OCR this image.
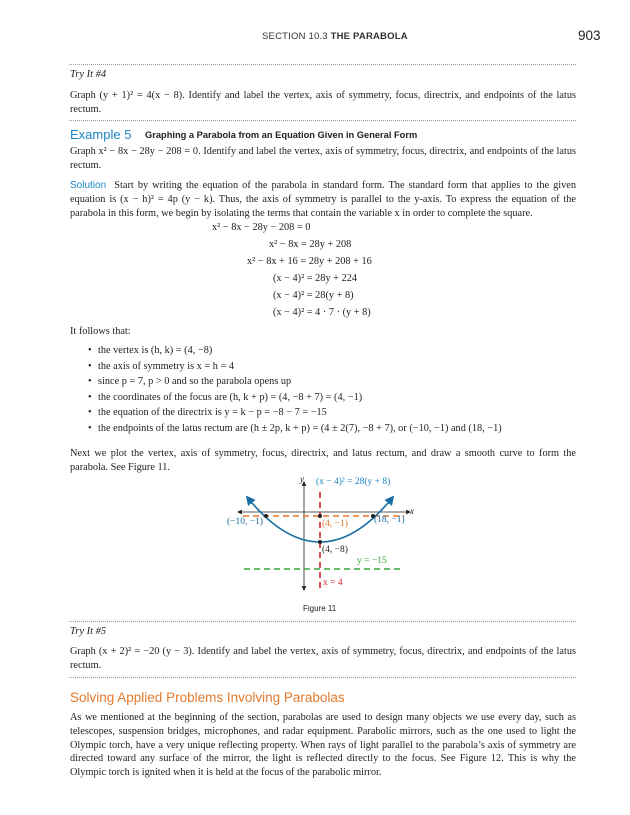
SECTION 10.3 THE PARABOLA	903
Try It #4
Graph (y + 1)² = 4(x − 8). Identify and label the vertex, axis of symmetry, focus, directrix, and endpoints of the latus rectum.
Example 5 Graphing a Parabola from an Equation Given in General Form
Graph x² − 8x − 28y − 208 = 0. Identify and label the vertex, axis of symmetry, focus, directrix, and endpoints of the latus rectum.
Solution Start by writing the equation of the parabola in standard form. The standard form that applies to the given equation is (x − h)² = 4p (y − k). Thus, the axis of symmetry is parallel to the y-axis. To express the equation of the parabola in this form, we begin by isolating the terms that contain the variable x in order to complete the square.
x² − 8x − 28y − 208 = 0
x² − 8x = 28y + 208
x² − 8x + 16 = 28y + 208 + 16
(x − 4)² = 28y + 224
(x − 4)² = 28(y + 8)
(x − 4)² = 4 · 7 · (y + 8)
It follows that:
• the vertex is (h, k) = (4, −8)
• the axis of symmetry is x = h = 4
• since p = 7, p > 0 and so the parabola opens up
• the coordinates of the focus are (h, k + p) = (4, −8 + 7) = (4, −1)
• the equation of the directrix is y = k − p = −8 − 7 = −15
• the endpoints of the latus rectum are (h ± 2p, k + p) = (4 ± 2(7), −8 + 7), or (−10, −1) and (18, −1)
Next we plot the vertex, axis of symmetry, focus, directrix, and latus rectum, and draw a smooth curve to form the parabola. See Figure 11.
(x − 4)² = 28(y + 8)
y
x
(−10, −1)	(4, −1)	(18, −1)
(4, −8)
y = −15
x = 4
Figure 11
Try It #5
Graph (x + 2)² = −20 (y − 3). Identify and label the vertex, axis of symmetry, focus, directrix, and endpoints of the latus rectum.
Solving Applied Problems Involving Parabolas
As we mentioned at the beginning of the section, parabolas are used to design many objects we use every day, such as telescopes, suspension bridges, microphones, and radar equipment. Parabolic mirrors, such as the one used to light the Olympic torch, have a very unique reflecting property. When rays of light parallel to the parabola’s axis of symmetry are directed toward any surface of the mirror, the light is reflected directly to the focus. See Figure 12. This is why the Olympic torch is ignited when it is held at the focus of the parabolic mirror.
